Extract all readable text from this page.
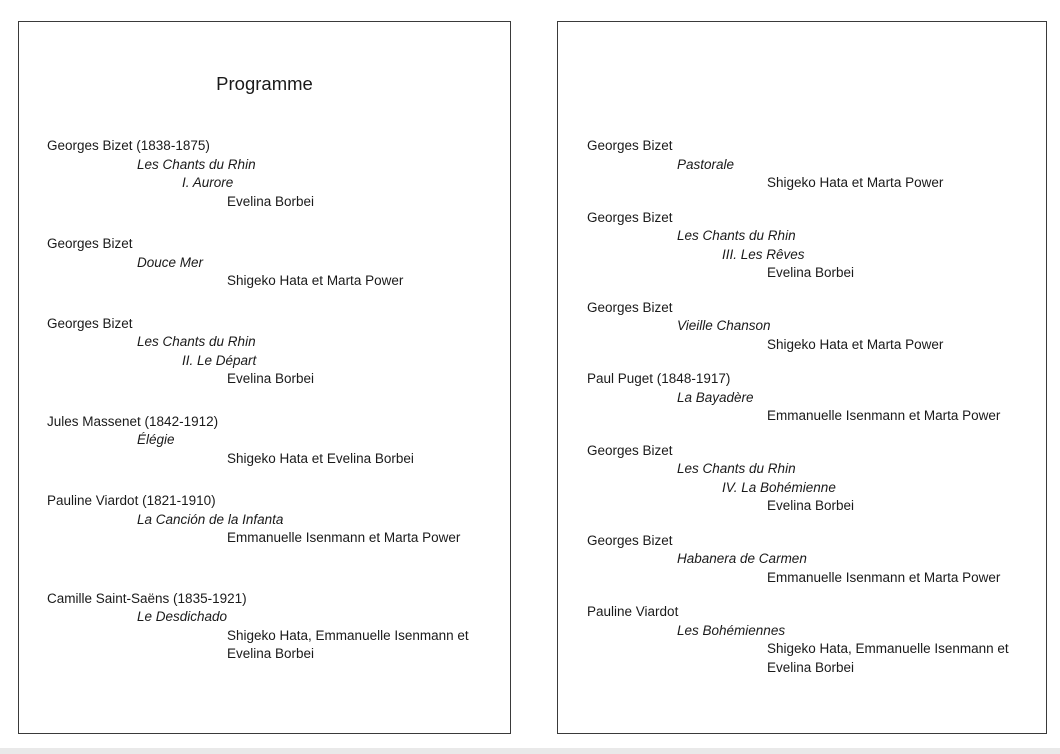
Programme
Georges Bizet (1838-1875)
Les Chants du Rhin
I. Aurore
Evelina Borbei
Georges Bizet
Douce Mer
Shigeko Hata et Marta Power
Georges Bizet
Les Chants du Rhin
II. Le Départ
Evelina Borbei
Jules Massenet (1842-1912)
Élégie
Shigeko Hata et Evelina Borbei
Pauline Viardot (1821-1910)
La Canción de la Infanta
Emmanuelle Isenmann et Marta Power
Camille Saint-Saëns (1835-1921)
Le Desdichado
Shigeko Hata, Emmanuelle Isenmann et
Evelina Borbei
Georges Bizet
Pastorale
Shigeko Hata et Marta Power
Georges Bizet
Les Chants du Rhin
III. Les Rêves
Evelina Borbei
Georges Bizet
Vieille Chanson
Shigeko Hata et Marta Power
Paul Puget (1848-1917)
La Bayadère
Emmanuelle Isenmann et Marta Power
Georges Bizet
Les Chants du Rhin
IV. La Bohémienne
Evelina Borbei
Georges Bizet
Habanera de Carmen
Emmanuelle Isenmann et Marta Power
Pauline Viardot
Les Bohémiennes
Shigeko Hata, Emmanuelle Isenmann et
Evelina Borbei
